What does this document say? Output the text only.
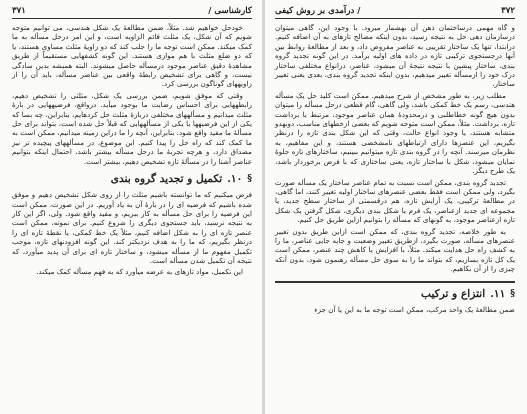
کارشناسی /
۳۷۱

خودحل خواهیم شد. مثلاً، ضمن مطالعهٔ یک شکل هندسی، می توانیم متوجه شویم که آن شکل، یک مثلث قائم الزاویه است، و این امر درحل مسأله به ما کمک میکند. ممکن است توجه ما را جلب کند که دو زاویهٔ مثلث مساوی هستند، یا که دو ضلع مثلث با هم موازی هستند. این گونه کشفهایی مستقیماً از طریق مشاهدهٔ دقیق عناصر موجود درمسأله حاصل میشوند. البته همیشه بدین سادگی نیست، و گاهی برای تشخیص رابطهٔ واقعی بین عناصر مسأله، باید آن را از زاویههای گوناگون بررسی کرد.

وقتی که موفق شویم، ضمن بررسی یک شکل، مثلثی را تشخیص دهیم، رابطههایی برای احساس رضایت ما بوجود میآید. درواقع، فرضیههایی در بارهٔ مثلث میدانیم و مسألههای مختلفی دربارهٔ مثلث حل کردهایم، بنابراین، چه بسا که یکی از این فرضیهها یا یکی از مسألههایی که قبلاً حل شده است، بتواند برای حل مسألهٔ ما مفید واقع شود. بنابراین، آنچه را ما دراین زمینه میدانیم، ممکن است به ما کمک کند که راه حل را پیدا کنیم. این موضوع، در مسألههای پیچیده تر نیز مصداق دارد، و هرچه تجربهٔ ما درحل مسأله بیشتر باشد، احتمال اینکه بتوانیم عناصر آشنا را در مسألهٔ تازه تشخیص دهیم، بیشتر است.

§
۱۰.
تکمیل و تجدید گروه بندی

فرض میکنیم که ما توانسته باشیم مثلث را از روی شکل تشخیص دهیم و موفق شده باشیم که فرضیه ای را در بارهٔ آن به یاد آوریم. در این صورت، ممکن است این فرضیه را برای حل مسأله به کار ببریم، و مفید واقع شود. ولی، اگر این کار به نتیجه نرسید، باید جستجوی دیگری را شروع کنیم. برای نمونه، ممکن است عنصر تازه ای را به شکل اضافه کنیم، مثلاً یک خط کمکی، یا نقطهٔ تازه ای را درنظر بگیریم، که ما را به هدف نزدیکتر کند. این گونه افزودنهای تازه، موجب تکمیل مفهوم ما از مسأله میشود، و ساختار تازه ای برای آن پدید میآورد، که نتیجه آن تکمیل شدن مسأله است.

این تکمیل، مواد تازهای به عرضه میآورد که به فهم مسأله کمک میکند.

۳۷۲
/ درآمدی بر روش کیفی

و گاه مهمی درساختمان ذهن آن بهشمار میرود. با وجود این، گاهی میتوان درسازمان دهی حل به نتیجه رسید، بدون اینکه مصالح تازهای به آن اضافه کنیم. درابتدا، تنها یک ساختار تقریبی به عناصر مفروض داد، و بعد از مطالعهٔ روابط بین آنها درجستجوی ترکیبی تازه در داده های اولیه برآمد. در این گونه تجدید گروه بندی، ساختار پیشین با نتیجه نتیجهٔ آن میشود، عناصر، درانواع مختلفی ساختار درک خود را ازمسأله تغییر میدهیم، بدون اینکه تجدید گروه بندی، بعدی یعنی تغییر ساختار.

مطلب زیر، به طور مشخص از شرح میدهیم. ممکن است کلید حل یک مسأله هندسی، رسم یک خط کمکی باشد، ولی گاهی، گام قطعی درحل مسأله را میتوان بدون هیچ گونه خطاطلبی و درمحدودهٔ همان عناصر موجود، مرتبط با برداشت تازه، برداشت. مثلاً، ممکن است متوجه شویم که بعضی ازخطهای مناسب، دوبهدو متشابه هستند، یا وجود انواع حالت، وقتی که این شکل بندی تازه را درنظر بگیریم، این عنصرها دارای ارتباطهای نامشخصی هستند، و این مفاهیم، به نظرمان میرسند. آنچه را در گروه بندی تازه میتوانیم ببینیم، ساختارهای تازه جلوهٔ نمایان میشود، شکل با ساختار تازه، یعنی ساختاری که با فرض برخوردار باشد، یک طرح دیگر.

تجدید گروه بندی، ممکن است نسبت به تمام عناصر ساختار یک مسأله صورت بگیرد، ولی ممکن است فقط بعضی عنصرهای ساختار اولیه تغییر کنند، اما گاهی، در مطالعهٔ ترکیبی، یک آرایش تازه، هم درقسمتی از ساختار سطح جدید، یا مجموعه ای جدید ازعناصر، یک فرم یا شکل بندی دیگری، شکل گرفتن یک شکل تازه ازعناصر موجود، به گونهای که مسأله را بتوانیم ازاین طریق حل کنیم.

به طور خلاصه، تجدید گروه بندی، که ممکن است ازاین طریق بدون تغییر عنصرهای مسأله، صورت بگیرد، ازطریق تغییر وضعیت و جابه جایی عناصر، ما را به کشف راه حل هدایت میکند. مثلاً، با افزایش یا کاهش چند عنصر، ممکن است یک کل تازه بسازیم، که بتواند ما را به سوی حل مسأله رهنمون شود، بدون آنکه چیزی را از آن بکاهیم.

§
۱۱.
انتزاع و ترکیب

ضمن مطالعهٔ یک واحد مرکب، ممکن است توجه ما به این یا آن جزء
